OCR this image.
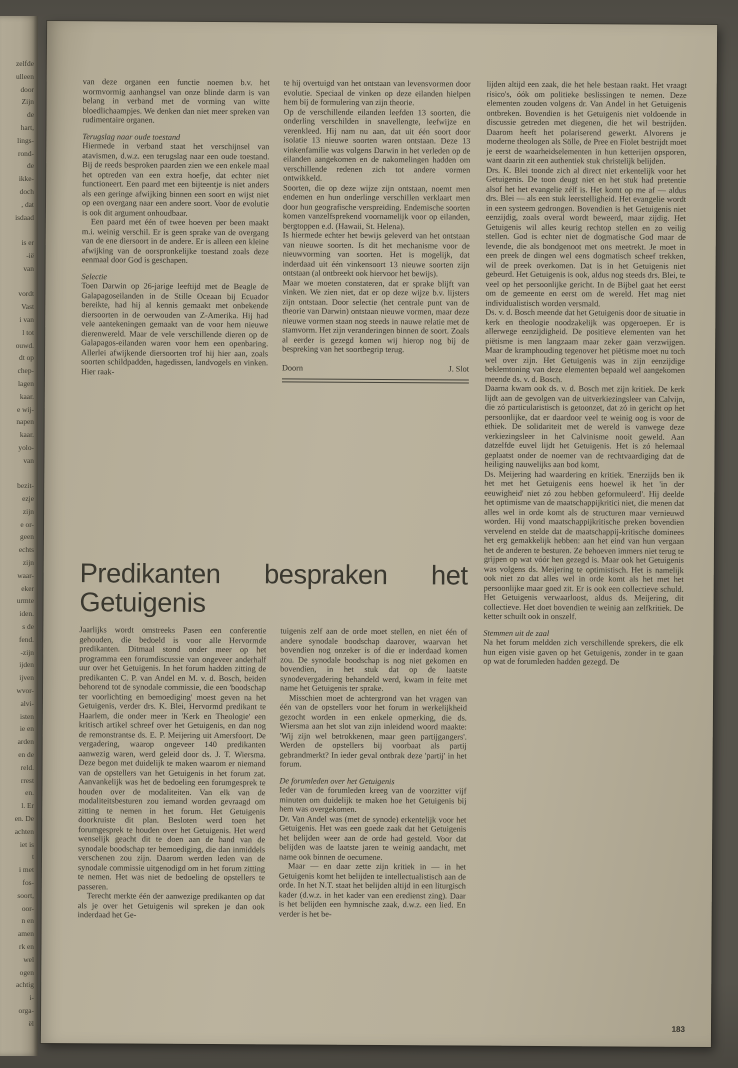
zelfde
ulleen
door
Zijn
de
hart,
lings-
rond-
de
ikke-
doch
, dat
isdaad

is er
-ië
van

vordt
Vast
i van
l tot
ouwd.
dt op
chep-
lagen
kaar.
e wij-
napen
kaar.
yolo-
van

bezit-
ezje
zijn
e or-
geen
echts
zijn
waar-
eker
urmte
iden.
s de
fend.
-zijn
ijden
ijven
wvor-
alvi-
isten
ie en
arden
en de
reld.
rrest
en.
l. Er
en. De
achten
iet is
t
i met
fos-
soort,
oor-
n en
amen
rk en
wel
ogen
achtig
i-
orga-
ël

van deze organen een functie noemen b.v. het wormvormig aanhangsel van onze blinde darm is van belang in verband met de vorming van witte bloedlichaampjes. We denken dan niet meer spreken van rudimentaire organen.

Terugslag naar oude toestand

Hiermede in verband staat het verschijnsel van atavismen, d.w.z. een terugslag naar een oude toestand. Bij de reeds besproken paarden zien we een enkele maal het optreden van een extra hoefje, dat echter niet functioneert. Een paard met een bijteentje is niet anders als een geringe afwijking binnen een soort en wijst niet op een overgang naar een andere soort. Voor de evolutie is ook dit argument onhoudbaar.

Een paard met één of twee hoeven per been maakt m.i. weinig verschil. Er is geen sprake van de overgang van de ene diersoort in de andere. Er is alleen een kleine afwijking van de oorspronkelijke toestand zoals deze eenmaal door God is geschapen.

Selectie

Toen Darwin op 26-jarige leeftijd met de Beagle de Galapagoseilanden in de Stille Oceaan bij Ecuador bereikte, had hij al kennis gemaakt met onbekende diersoorten in de oerwouden van Z-Amerika. Hij had vele aantekeningen gemaakt van de voor hem nieuwe dierenwereld. Maar de vele verschillende dieren op de Galapagos-eilanden waren voor hem een openbaring. Allerlei afwijkende diersoorten trof hij hier aan, zoals soorten schildpadden, hagedissen, landvogels en vinken. Hier raak-

te hij overtuigd van het ontstaan van levensvormen door evolutie. Speciaal de vinken op deze eilanden hielpen hem bij de formulering van zijn theorie.

Op de verschillende eilanden leefden 13 soorten, die onderling verschilden in snavellengte, leefwijze en verenkleed. Hij nam nu aan, dat uit één soort door isolatie 13 nieuwe soorten waren ontstaan. Deze 13 vinkenfamilie was volgens Darwin in het verleden op de eilanden aangekomen en de nakomelingen hadden om verschillende redenen zich tot andere vormen ontwikkeld.

Soorten, die op deze wijze zijn ontstaan, noemt men endemen en hun onderlinge verschillen verklaart men door hun geografische verspreiding. Endemische soorten komen vanzelfsprekend voornamelijk voor op eilanden, bergtoppen e.d. (Hawaii, St. Helena).

Is hiermede echter het bewijs geleverd van het ontstaan van nieuwe soorten. Is dit het mechanisme voor de nieuwvorming van soorten. Het is mogelijk, dat inderdaad uit één vinkensoort 13 nieuwe soorten zijn ontstaan (al ontbreekt ook hiervoor het bewijs).

Maar we moeten constateren, dat er sprake blijft van vinken. We zien niet, dat er op deze wijze b.v. lijsters zijn ontstaan. Door selectie (het centrale punt van de theorie van Darwin) ontstaan nieuwe vormen, maar deze nieuwe vormen staan nog steeds in nauwe relatie met de stamvorm. Het zijn veranderingen binnen de soort. Zoals al eerder is gezegd komen wij hierop nog bij de bespreking van het soortbegrip terug.

Doorn	J. Slot
Predikanten bespraken het Getuigenis

Jaarlijks wordt omstreeks Pasen een conferentie gehouden, die bedoeld is voor alle Hervormde predikanten. Ditmaal stond onder meer op het programma een forumdiscussie van ongeveer anderhalf uur over het Getuigenis. In het forum hadden zitting de predikanten C. P. van Andel en M. v. d. Bosch, beiden behorend tot de synodale commissie, die een 'boodschap ter voorlichting en bemoediging' moest geven na het Getuigenis, verder drs. K. Blei, Hervormd predikant te Haarlem, die onder meer in 'Kerk en Theologie' een kritisch artikel schreef over het Getuigenis, en dan nog de remonstrantse ds. E. P. Meijering uit Amersfoort. De vergadering, waarop ongeveer 140 predikanten aanwezig waren, werd geleid door ds. J. T. Wiersma. Deze begon met duidelijk te maken waarom er niemand van de opstellers van het Getuigenis in het forum zat. Aanvankelijk was het de bedoeling een forumgesprek te houden over de modaliteiten. Van elk van de modaliteitsbesturen zou iemand worden gevraagd om zitting te nemen in het forum. Het Getuigenis doorkruiste dit plan. Besloten werd toen het forumgesprek te houden over het Getuigenis. Het werd wenselijk geacht dit te doen aan de hand van de synodale boodschap ter bemoediging, die dan inmiddels verschenen zou zijn. Daarom werden leden van de synodale commissie uitgenodigd om in het forum zitting te nemen. Het was niet de bedoeling de opstellers te passeren.

Terecht merkte één der aanwezige predikanten op dat als je over het Getuigenis wil spreken je dan ook inderdaad het Ge-

tuigenis zelf aan de orde moet stellen, en niet één of andere synodale boodschap daarover, waarvan het bovendien nog onzeker is of die er inderdaad komen zou. De synodale boodschap is nog niet gekomen en bovendien, in het stuk dat op de laatste synodevergadering behandeld werd, kwam in feite met name het Getuigenis ter sprake.

Misschien moet de achtergrond van het vragen van één van de opstellers voor het forum in werkelijkheid gezocht worden in een enkele opmerking, die ds. Wiersma aan het slot van zijn inleidend woord maakte: 'Wij zijn wel betrokkenen, maar geen partijgangers'. Werden de opstellers bij voorbaat als partij gebrandmerkt? In ieder geval ontbrak deze 'partij' in het forum.

De forumleden over het Getuigenis

Ieder van de forumleden kreeg van de voorzitter vijf minuten om duidelijk te maken hoe het Getuigenis bij hem was overgekomen.

Dr. Van Andel was (met de synode) erkentelijk voor het Getuigenis. Het was een goede zaak dat het Getuigenis het belijden weer aan de orde had gesteld. Voor dat belijden was de laatste jaren te weinig aandacht, met name ook binnen de oecumene.

Maar — en daar zette zijn kritiek in — in het Getuigenis komt het belijden te intellectualistisch aan de orde. In het N.T. staat het belijden altijd in een liturgisch kader (d.w.z. in het kader van een eredienst zing). Daar is het belijden een hymnische zaak, d.w.z. een lied. En verder is het be-

lijden altijd een zaak, die het hele bestaan raakt. Het vraagt risico's, óók om politieke beslissingen te nemen. Deze elementen zouden volgens dr. Van Andel in het Getuigenis ontbreken. Bovendien is het Getuigenis niet voldoende in discussie getreden met diegenen, die het wil bestrijden. Daarom heeft het polariserend gewerkt. Alvorens je moderne theologen als Sölle, de Pree en Fiolet bestrijdt moet je eerst de waarheidselementen in hun ketterijen opsporen, want daarin zit een authentiek stuk christelijk belijden.

Drs. K. Blei toonde zich al direct niet erkentelijk voor het Getuigenis. De toon deugt niet en het stuk had pretentie alsof het het evangelie zélf is. Het komt op me af — aldus drs. Blei — als een stuk leerstelligheid. Het evangelie wordt in een systeem gedrongen. Bovendien is het Getuigenis niet eenzijdig, zoals overal wordt beweerd, maar zijdig. Het Getuigenis wil alles keurig rechtop stellen en zo veilig stellen. God is echter niet de dogmatische God maar de levende, die als bondgenoot met ons meetrekt. Je moet in een preek de dingen wel eens dogmatisch scheef trekken, wil de preek overkomen. Dat is in het Getuigenis niet gebeurd. Het Getuigenis is ook, aldus nog steeds drs. Blei, te veel op het persoonlijke gericht. In de Bijbel gaat het eerst om de gemeente en eerst om de wereld. Het mag niet individualistisch worden versmald.

Ds. v. d. Bosch meende dat het Getuigenis door de situatie in kerk en theologie noodzakelijk was opgeroepen. Er is allerwege eenzijdigheid. De positieve elementen van het piëtisme is men langzaam maar zeker gaan verzwijgen. Maar de kramphouding tegenover het piëtisme moet nu toch wel over zijn. Het Getuigenis was in zijn eenzijdige beklemtoning van deze elementen bepaald wel aangekomen meende ds. v. d. Bosch.

Daarna kwam ook ds. v. d. Bosch met zijn kritiek. De kerk lijdt aan de gevolgen van de uitverkiezingsleer van Calvijn, die zó particularistisch is getoonzet, dat zó in gericht op het persoonlijke, dat er daardoor veel te weinig oog is voor de ethiek. De solidariteit met de wereld is vanwege deze verkiezingsleer in het Calvinisme nooit geweld. Aan datzelfde euvel lijdt het Getuigenis. Het is zó helemaal geplaatst onder de noemer van de rechtvaardiging dat de heiliging nauwelijks aan bod komt.

Ds. Meijering had waardering en kritiek. 'Enerzijds ben ik het met het Getuigenis eens hoewel ik het 'in der eeuwigheid' niet zó zou hebben geformuleerd'. Hij deelde het optimisme van de maatschappijkritici niet, die menen dat alles wel in orde komt als de structuren maar vernieuwd worden. Hij vond maatschappijkritische preken bovendien vervelend en stelde dat de maatschappij-kritische dominees het erg gemakkelijk hebben: aan het eind van hun vergaan het de anderen te besturen. Ze behoeven immers niet terug te grijpen op wat vóór hen gezegd is. Maar ook het Getuigenis was volgens ds. Meijering te optimistisch. Het is namelijk ook niet zo dat alles wel in orde komt als het met het persoonlijke maar goed zit. Er is ook een collectieve schuld. Het Getuigenis verwaarloost, aldus ds. Meijering, dit collectieve. Het doet bovendien te weinig aan zelfkritiek. De ketter schuilt ook in onszelf.

Stemmen uit de zaal

Na het forum meldden zich verschillende sprekers, die elk hun eigen visie gaven op het Getuigenis, zonder in te gaan op wat de forumleden hadden gezegd. De

183
